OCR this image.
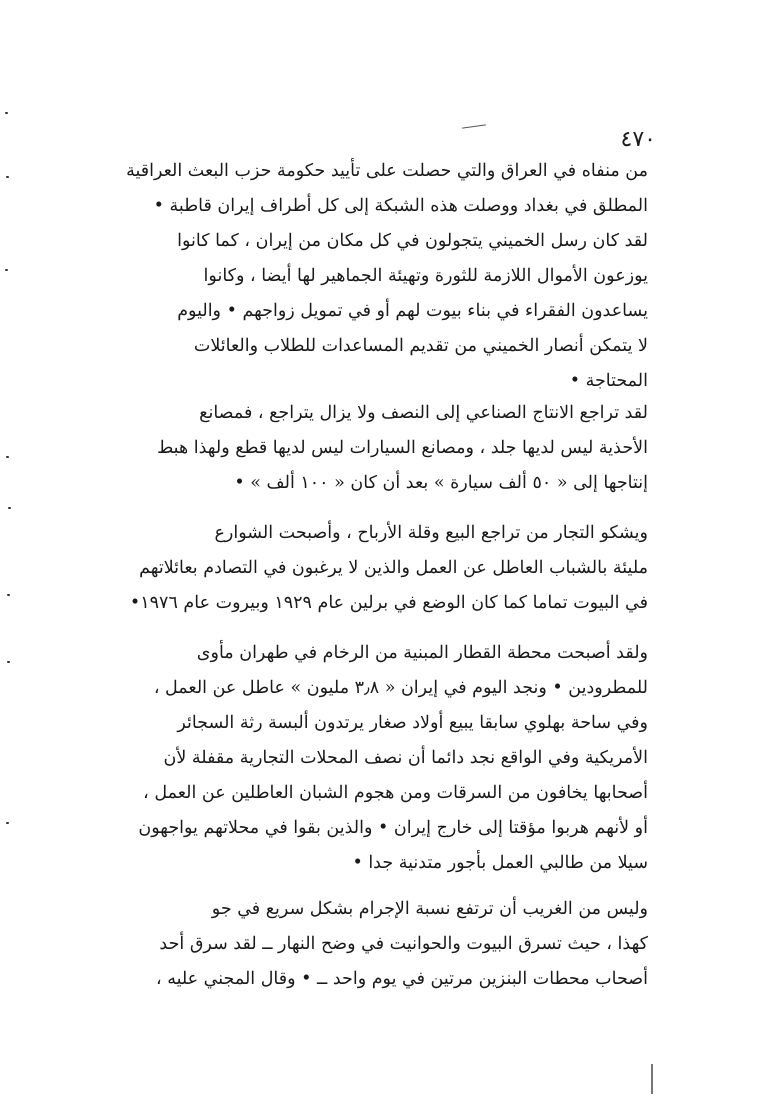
٤٧٠
من منفاه في العراق والتي حصلت على تأييد حكومة حزب البعث العراقية
المطلق في بغداد ووصلت هذه الشبكة إلى كل أطراف إيران قاطبة •
لقد كان رسل الخميني يتجولون في كل مكان من إيران ، كما كانوا
يوزعون الأموال اللازمة للثورة وتهيئة الجماهير لها أيضا ، وكانوا
يساعدون الفقراء في بناء بيوت لهم أو في تمويل زواجهم • واليوم
لا يتمكن أنصار الخميني من تقديم المساعدات للطلاب والعائلات
المحتاجة •
لقد تراجع الانتاج الصناعي إلى النصف ولا يزال يتراجع ، فمصانع
الأحذية ليس لديها جلد ، ومصانع السيارات ليس لديها قطع ولهذا هبط
إنتاجها إلى « ٥٠ ألف سيارة » بعد أن كان « ١٠٠ ألف » •
ويشكو التجار من تراجع البيع وقلة الأرباح ، وأصبحت الشوارع
مليئة بالشباب العاطل عن العمل والذين لا يرغبون في التصادم بعائلاتهم
في البيوت تماما كما كان الوضع في برلين عام ١٩٢٩ وبيروت عام ١٩٧٦•
ولقد أصبحت محطة القطار المبنية من الرخام في طهران مأوى
للمطرودين • ونجد اليوم في إيران « ٣٫٨ مليون » عاطل عن العمل ،
وفي ساحة بهلوي سابقا يبيع أولاد صغار يرتدون ألبسة رثة السجائر
الأمريكية وفي الواقع نجد دائما أن نصف المحلات التجارية مقفلة لأن
أصحابها يخافون من السرقات ومن هجوم الشبان العاطلين عن العمل ،
أو لأنهم هربوا مؤقتا إلى خارج إيران • والذين بقوا في محلاتهم يواجهون
سيلا من طالبي العمل بأجور متدنية جدا •
وليس من الغريب أن ترتفع نسبة الإجرام بشكل سريع في جو
كهذا ، حيث تسرق البيوت والحوانيت في وضح النهار ــ لقد سرق أحد
أصحاب محطات البنزين مرتين في يوم واحد ــ • وقال المجني عليه ،
